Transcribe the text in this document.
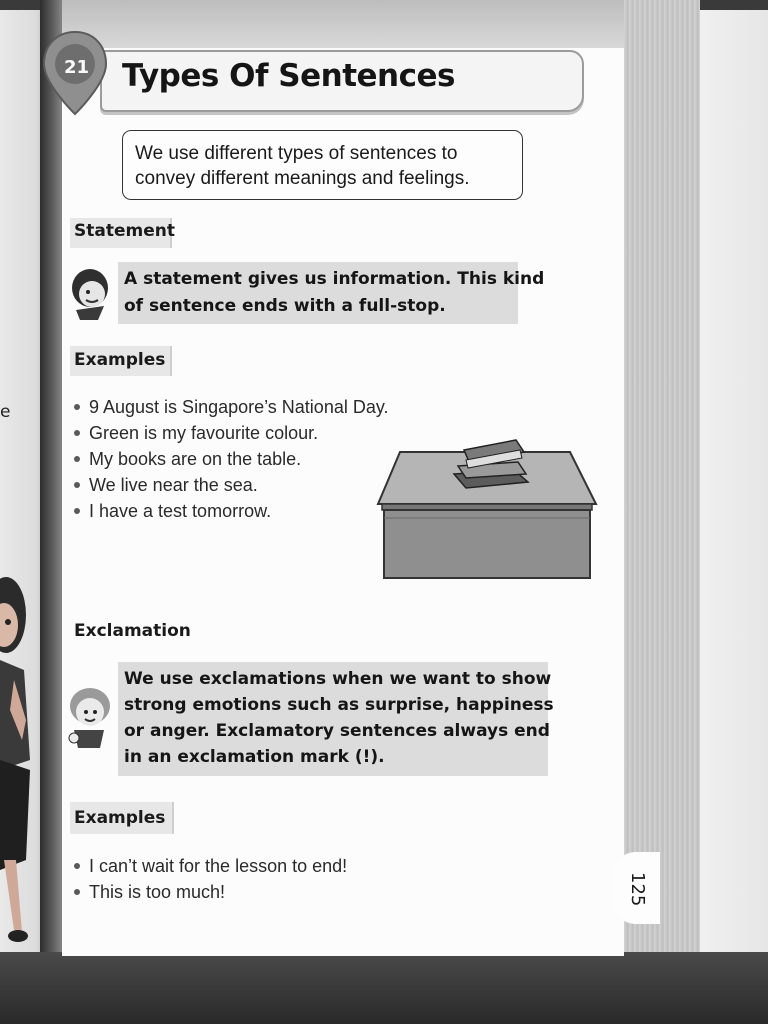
e
21 Types Of Sentences
We use different types of sentences to
convey different meanings and feelings.
Statement
A statement gives us information. This kind
of sentence ends with a full-stop.
Examples
9 August is Singapore’s National Day.
Green is my favourite colour.
My books are on the table.
We live near the sea.
I have a test tomorrow.
Exclamation
We use exclamations when we want to show
strong emotions such as surprise, happiness
or anger. Exclamatory sentences always end
in an exclamation mark (!).
Examples
I can’t wait for the lesson to end!
This is too much!	125
